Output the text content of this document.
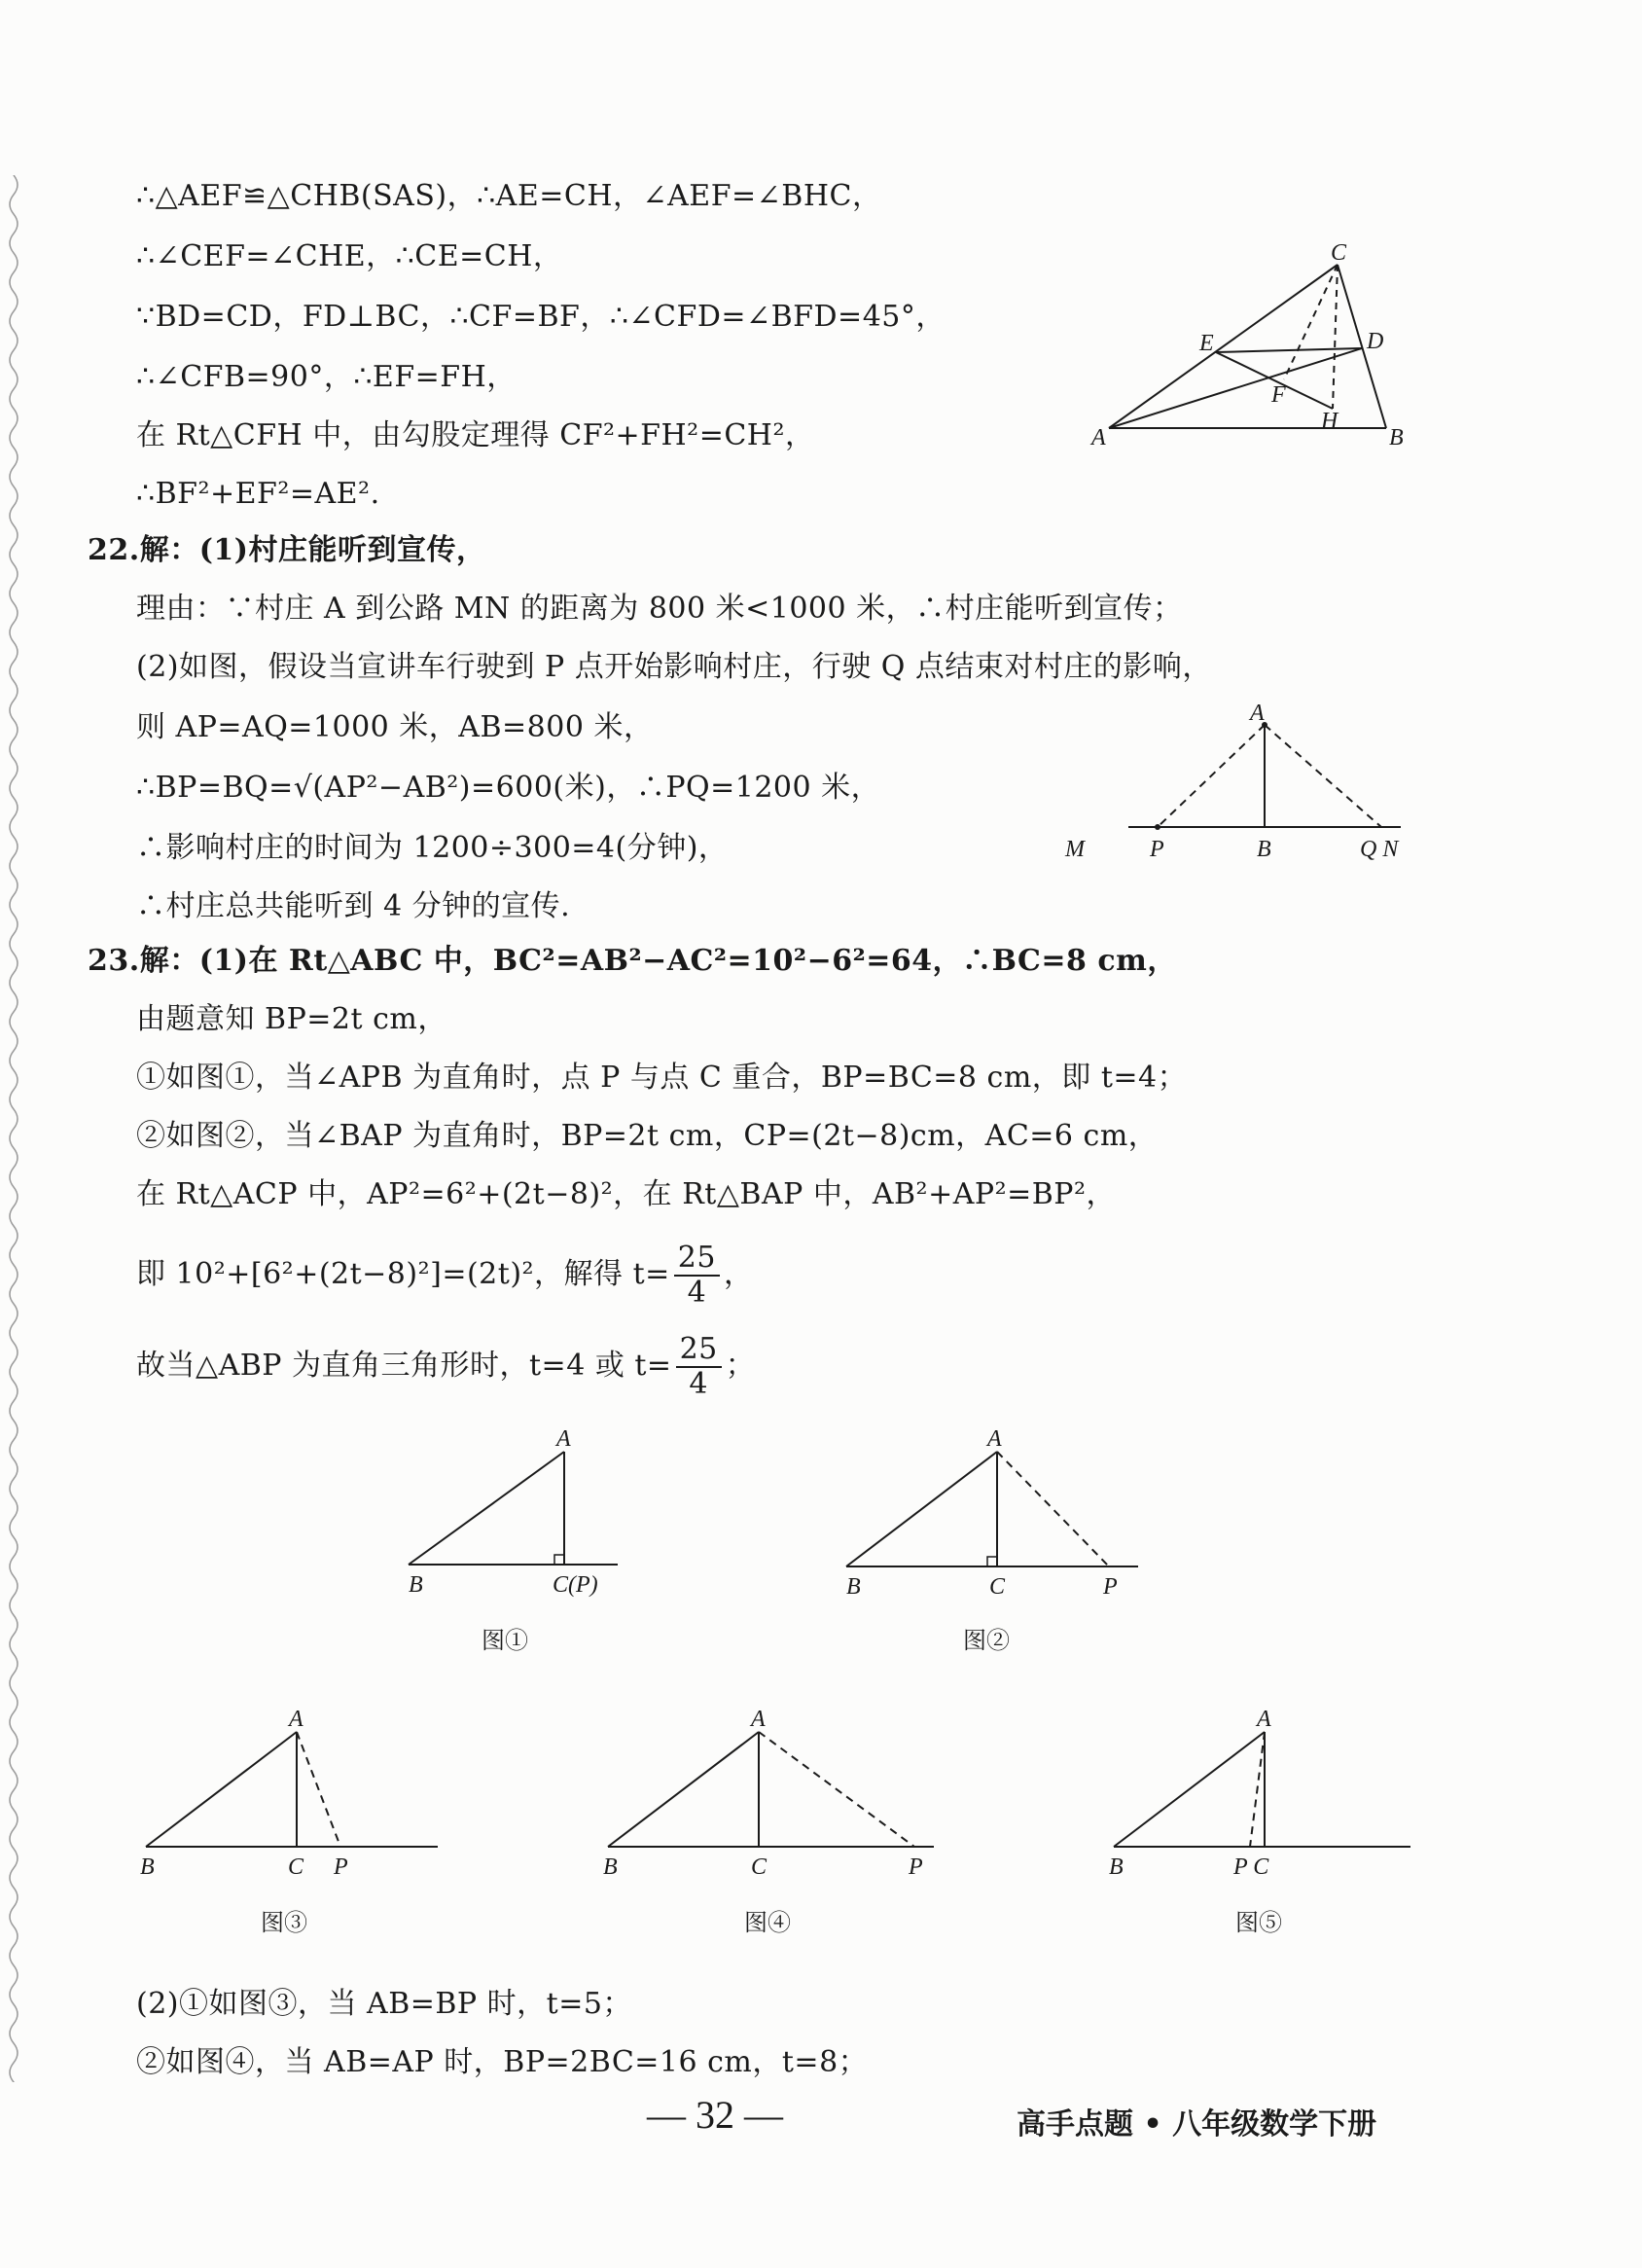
∴△AEF≌△CHB(SAS)，∴AE=CH，∠AEF=∠BHC，
∴∠CEF=∠CHE，∴CE=CH，
∵BD=CD，FD⊥BC，∴CF=BF，∴∠CFD=∠BFD=45°，
∴∠CFB=90°，∴EF=FH，
在 Rt△CFH 中，由勾股定理得 CF²+FH²=CH²，
∴BF²+EF²=AE².
22.解：(1)村庄能听到宣传，
理由：∵村庄 A 到公路 MN 的距离为 800 米<1000 米，∴村庄能听到宣传；
(2)如图，假设当宣讲车行驶到 P 点开始影响村庄，行驶 Q 点结束对村庄的影响，
则 AP=AQ=1000 米，AB=800 米，
∴BP=BQ=√(AP²−AB²)=600(米)，∴PQ=1200 米，
∴影响村庄的时间为 1200÷300=4(分钟)，
∴村庄总共能听到 4 分钟的宣传.
23.解：(1)在 Rt△ABC 中，BC²=AB²−AC²=10²−6²=64，∴BC=8 cm，
由题意知 BP=2t cm，
①如图①，当∠APB 为直角时，点 P 与点 C 重合，BP=BC=8 cm，即 t=4；
②如图②，当∠BAP 为直角时，BP=2t cm，CP=(2t−8)cm，AC=6 cm，
在 Rt△ACP 中，AP²=6²+(2t−8)²，在 Rt△BAP 中，AB²+AP²=BP²，
即 10²+[6²+(2t−8)²]=(2t)²，解得 $t= \frac{25}{4}$ ，
故当△ABP 为直角三角形时，t=4 或 $t= \frac{25}{4}$ ；
(2)①如图③，当 AB=BP 时，t=5；
②如图④，当 AB=AP 时，BP=2BC=16 cm，t=8；
C
E	D
F
H
A	B
A
M	P	B	Q N
A
B	C(P)
图①
A
B	C	P
图②
A
B	C P
图③
A
B	C	P
图④
A
B	P C
图⑤
— 32 —	高手点题 • 八年级数学下册
